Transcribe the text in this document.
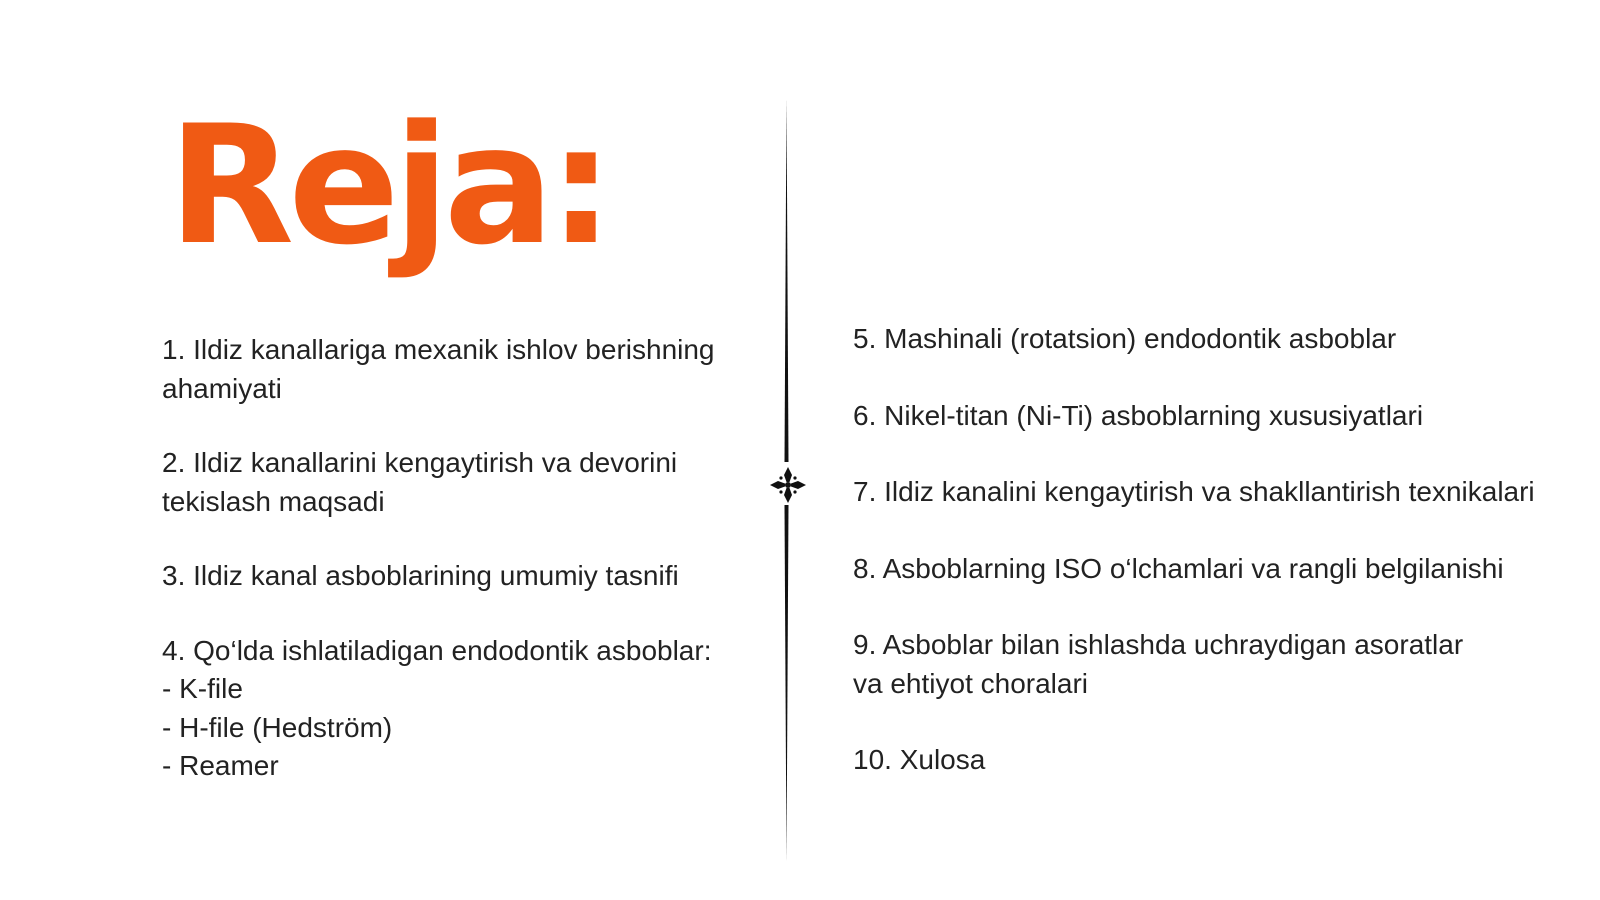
Reja:
1. Ildiz kanallariga mexanik ishlov berishning
ahamiyati
2. Ildiz kanallarini kengaytirish va devorini
tekislash maqsadi
3. Ildiz kanal asboblarining umumiy tasnifi
4. Qo‘lda ishlatiladigan endodontik asboblar:
- K-file
- H-file (Hedström)
- Reamer
5. Mashinali (rotatsion) endodontik asboblar
6. Nikel-titan (Ni-Ti) asboblarning xususiyatlari
7. Ildiz kanalini kengaytirish va shakllantirish texnikalari
8. Asboblarning ISO o‘lchamlari va rangli belgilanishi
9. Asboblar bilan ishlashda uchraydigan asoratlar
va ehtiyot choralari
10. Xulosa
